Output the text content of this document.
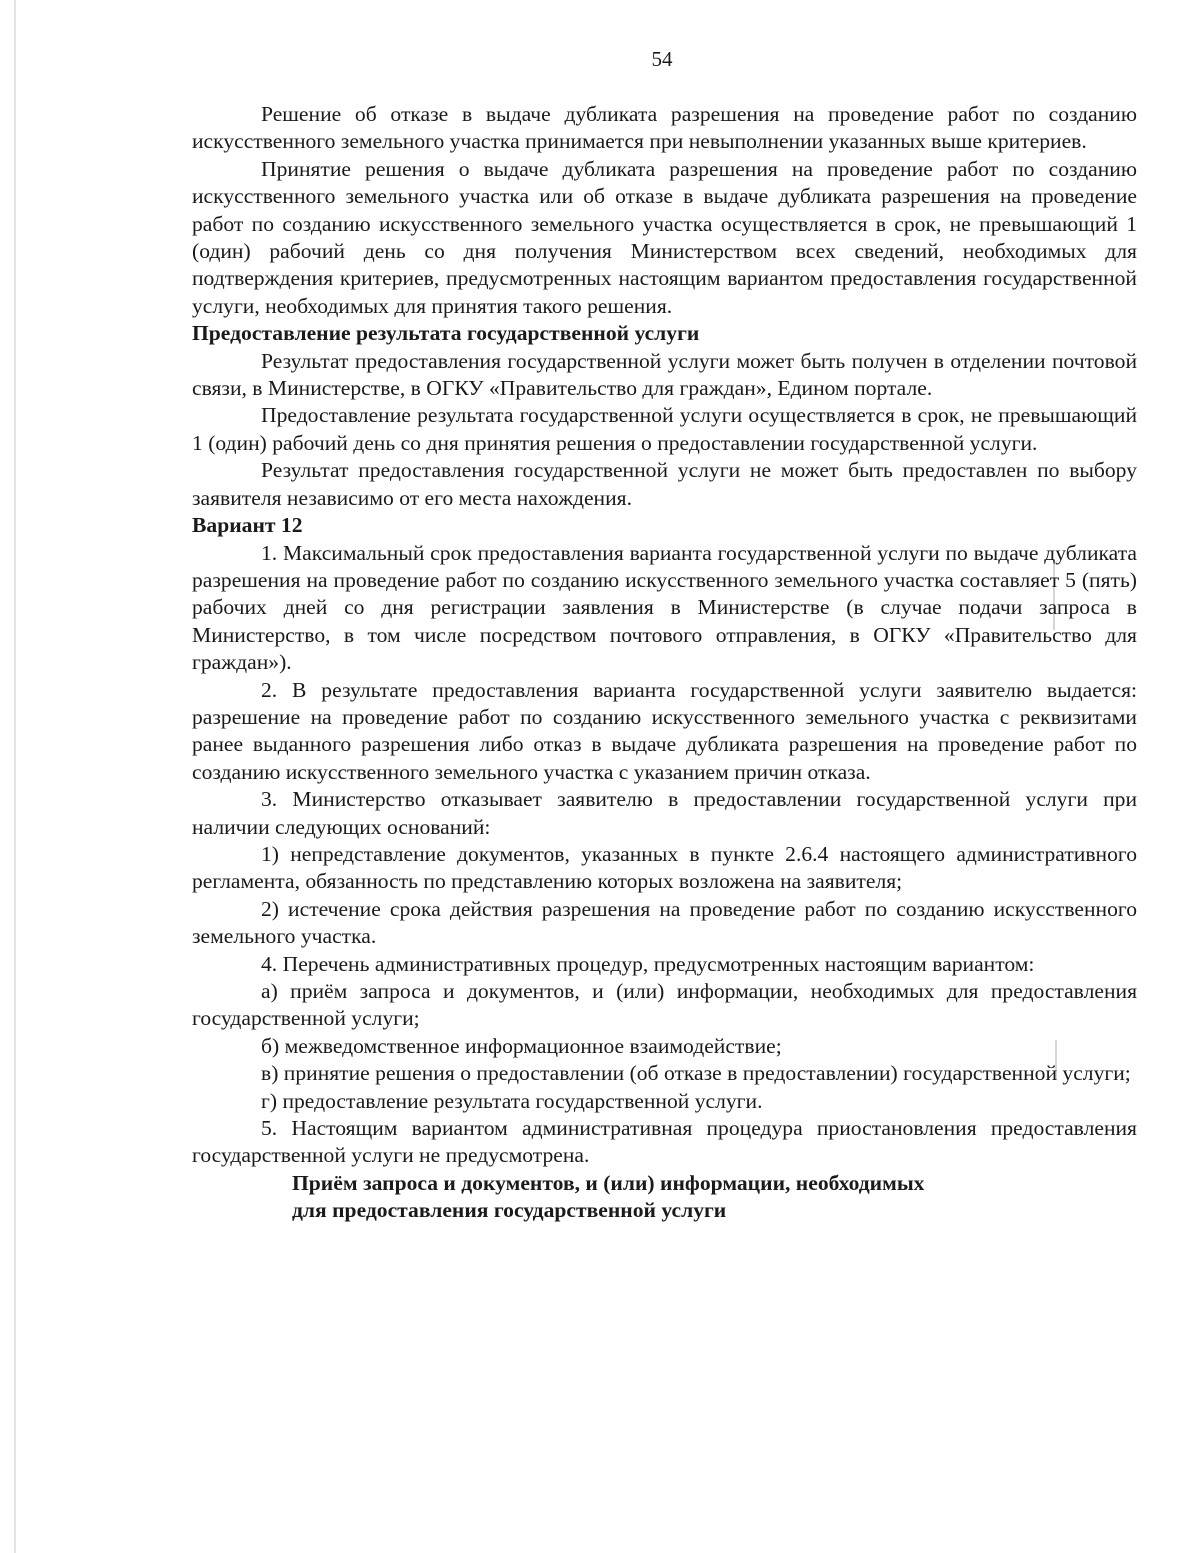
54

Решение об отказе в выдаче дубликата разрешения на проведение работ по созданию искусственного земельного участка принимается при невыполнении указанных выше критериев.

Принятие решения о выдаче дубликата разрешения на проведение работ по созданию искусственного земельного участка или об отказе в выдаче дубликата разрешения на проведение работ по созданию искусственного земельного участка осуществляется в срок, не превышающий 1 (один) рабочий день со дня получения Министерством всех сведений, необходимых для подтверждения критериев, предусмотренных настоящим вариантом предоставления государственной услуги, необходимых для принятия такого решения.

Предоставление результата государственной услуги

Результат предоставления государственной услуги может быть получен в отделении почтовой связи, в Министерстве, в ОГКУ «Правительство для граждан», Едином портале.

Предоставление результата государственной услуги осуществляется в срок, не превышающий 1 (один) рабочий день со дня принятия решения о предоставлении государственной услуги.

Результат предоставления государственной услуги не может быть предоставлен по выбору заявителя независимо от его места нахождения.

Вариант 12

1. Максимальный срок предоставления варианта государственной услуги по выдаче дубликата разрешения на проведение работ по созданию искусственного земельного участка составляет 5 (пять) рабочих дней со дня регистрации заявления в Министерстве (в случае подачи запроса в Министерство, в том числе посредством почтового отправления, в ОГКУ «Правительство для граждан»).

2. В результате предоставления варианта государственной услуги заявителю выдается: разрешение на проведение работ по созданию искусственного земельного участка с реквизитами ранее выданного разрешения либо отказ в выдаче дубликата разрешения на проведение работ по созданию искусственного земельного участка с указанием причин отказа.

3. Министерство отказывает заявителю в предоставлении государственной услуги при наличии следующих оснований:

1) непредставление документов, указанных в пункте 2.6.4 настоящего административного регламента, обязанность по представлению которых возложена на заявителя;

2) истечение срока действия разрешения на проведение работ по созданию искусственного земельного участка.

4. Перечень административных процедур, предусмотренных настоящим вариантом:

а) приём запроса и документов, и (или) информации, необходимых для предоставления государственной услуги;

б) межведомственное информационное взаимодействие;

в) принятие решения о предоставлении (об отказе в предоставлении) государственной услуги;

г) предоставление результата государственной услуги.

5. Настоящим вариантом административная процедура приостановления предоставления государственной услуги не предусмотрена.

Приём запроса и документов, и (или) информации, необходимых
для предоставления государственной услуги
